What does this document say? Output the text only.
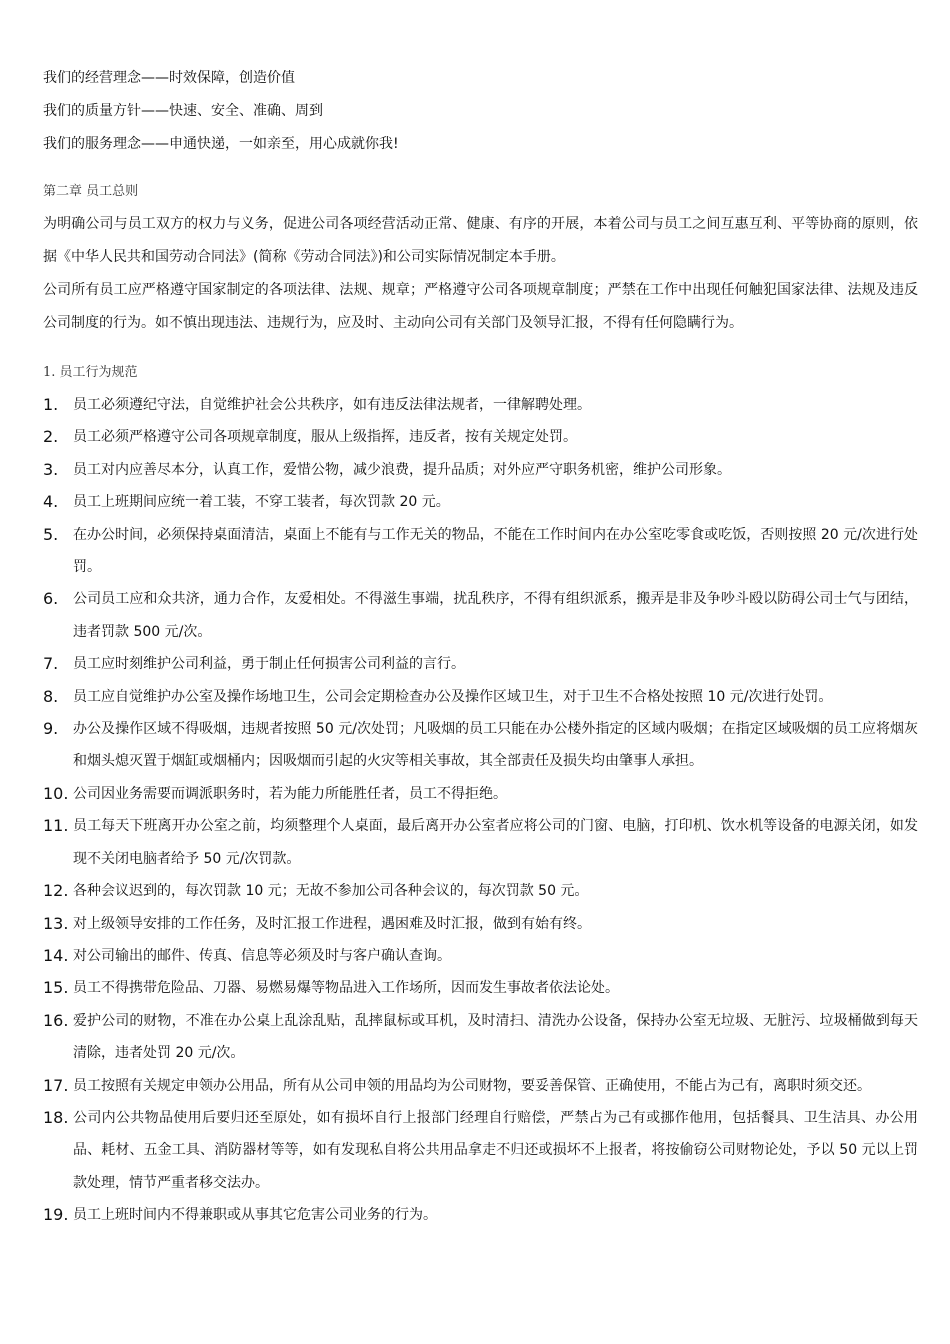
我们的经营理念——时效保障，创造价值
我们的质量方针——快速、安全、准确、周到
我们的服务理念——申通快递，一如亲至，用心成就你我!
第二章 员工总则
为明确公司与员工双方的权力与义务，促进公司各项经营活动正常、健康、有序的开展，本着公司与员工之间互惠互利、平等协商的原则，依据《中华人民共和国劳动合同法》(简称《劳动合同法》)和公司实际情况制定本手册。
公司所有员工应严格遵守国家制定的各项法律、法规、规章；严格遵守公司各项规章制度；严禁在工作中出现任何触犯国家法律、法规及违反公司制度的行为。如不慎出现违法、违规行为，应及时、主动向公司有关部门及领导汇报，不得有任何隐瞒行为。
1. 员工行为规范
1.	员工必须遵纪守法，自觉维护社会公共秩序，如有违反法律法规者，一律解聘处理。
2.	员工必须严格遵守公司各项规章制度，服从上级指挥，违反者，按有关规定处罚。
3.	员工对内应善尽本分，认真工作，爱惜公物，减少浪费，提升品质；对外应严守职务机密，维护公司形象。
4.	员工上班期间应统一着工装，不穿工装者，每次罚款 20 元。
5.	在办公时间，必须保持桌面清洁，桌面上不能有与工作无关的物品，不能在工作时间内在办公室吃零食或吃饭，否则按照 20 元/次进行处罚。
6.	公司员工应和众共济，通力合作，友爱相处。不得滋生事端，扰乱秩序，不得有组织派系，搬弄是非及争吵斗殴以防碍公司士气与团结，违者罚款 500 元/次。
7.	员工应时刻维护公司利益，勇于制止任何损害公司利益的言行。
8.	员工应自觉维护办公室及操作场地卫生，公司会定期检查办公及操作区域卫生，对于卫生不合格处按照 10 元/次进行处罚。
9.	办公及操作区域不得吸烟，违规者按照 50 元/次处罚；凡吸烟的员工只能在办公楼外指定的区域内吸烟；在指定区域吸烟的员工应将烟灰和烟头熄灭置于烟缸或烟桶内；因吸烟而引起的火灾等相关事故，其全部责任及损失均由肇事人承担。
10. 公司因业务需要而调派职务时，若为能力所能胜任者，员工不得拒绝。
11. 员工每天下班离开办公室之前，均须整理个人桌面，最后离开办公室者应将公司的门窗、电脑，打印机、饮水机等设备的电源关闭，如发现不关闭电脑者给予 50 元/次罚款。
12. 各种会议迟到的，每次罚款 10 元；无故不参加公司各种会议的，每次罚款 50 元。
13. 对上级领导安排的工作任务，及时汇报工作进程，遇困难及时汇报，做到有始有终。
14. 对公司输出的邮件、传真、信息等必须及时与客户确认查询。
15. 员工不得携带危险品、刀器、易燃易爆等物品进入工作场所，因而发生事故者依法论处。
16. 爱护公司的财物，不准在办公桌上乱涂乱贴，乱摔鼠标或耳机，及时清扫、清洗办公设备，保持办公室无垃圾、无脏污、垃圾桶做到每天清除，违者处罚 20 元/次。
17. 员工按照有关规定申领办公用品，所有从公司申领的用品均为公司财物，要妥善保管、正确使用，不能占为己有，离职时须交还。
18. 公司内公共物品使用后要归还至原处，如有损坏自行上报部门经理自行赔偿，严禁占为己有或挪作他用，包括餐具、卫生洁具、办公用品、耗材、五金工具、消防器材等等，如有发现私自将公共用品拿走不归还或损坏不上报者，将按偷窃公司财物论处，予以 50 元以上罚款处理，情节严重者移交法办。
19. 员工上班时间内不得兼职或从事其它危害公司业务的行为。
